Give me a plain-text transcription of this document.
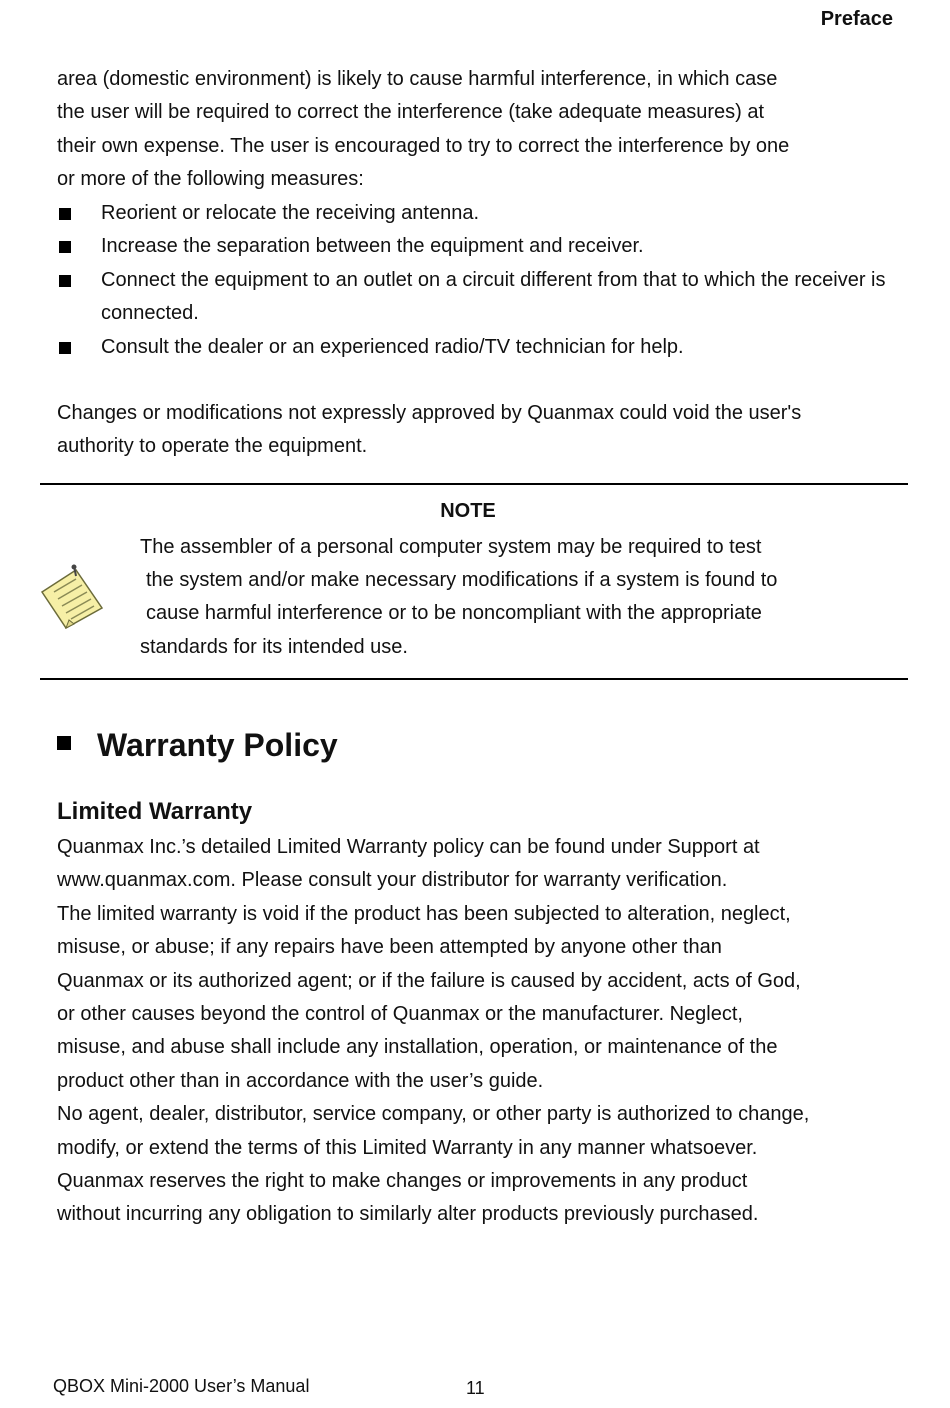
Preface
area (domestic environment) is likely to cause harmful interference, in which case
the user will be required to correct the interference (take adequate measures) at
their own expense. The user is encouraged to try to correct the interference by one
or more of the following measures:
Reorient or relocate the receiving antenna.
Increase the separation between the equipment and receiver.
Connect the equipment to an outlet on a circuit different from that to which the receiver is connected.
Consult the dealer or an experienced radio/TV technician for help.
Changes or modifications not expressly approved by Quanmax could void the user's
authority to operate the equipment.
NOTE
The assembler of a personal computer system may be required to test
the system and/or make necessary modifications if a system is found to
cause harmful interference or to be noncompliant with the appropriate
standards for its intended use.
Warranty Policy
Limited Warranty
Quanmax Inc.’s detailed Limited Warranty policy can be found under Support at
www.quanmax.com. Please consult your distributor for warranty verification.
The limited warranty is void if the product has been subjected to alteration, neglect,
misuse, or abuse; if any repairs have been attempted by anyone other than
Quanmax or its authorized agent; or if the failure is caused by accident, acts of God,
or other causes beyond the control of Quanmax or the manufacturer. Neglect,
misuse, and abuse shall include any installation, operation, or maintenance of the
product other than in accordance with the user’s guide.
No agent, dealer, distributor, service company, or other party is authorized to change,
modify, or extend the terms of this Limited Warranty in any manner whatsoever.
Quanmax reserves the right to make changes or improvements in any product
without incurring any obligation to similarly alter products previously purchased.
QBOX Mini-2000 User’s Manual	11
